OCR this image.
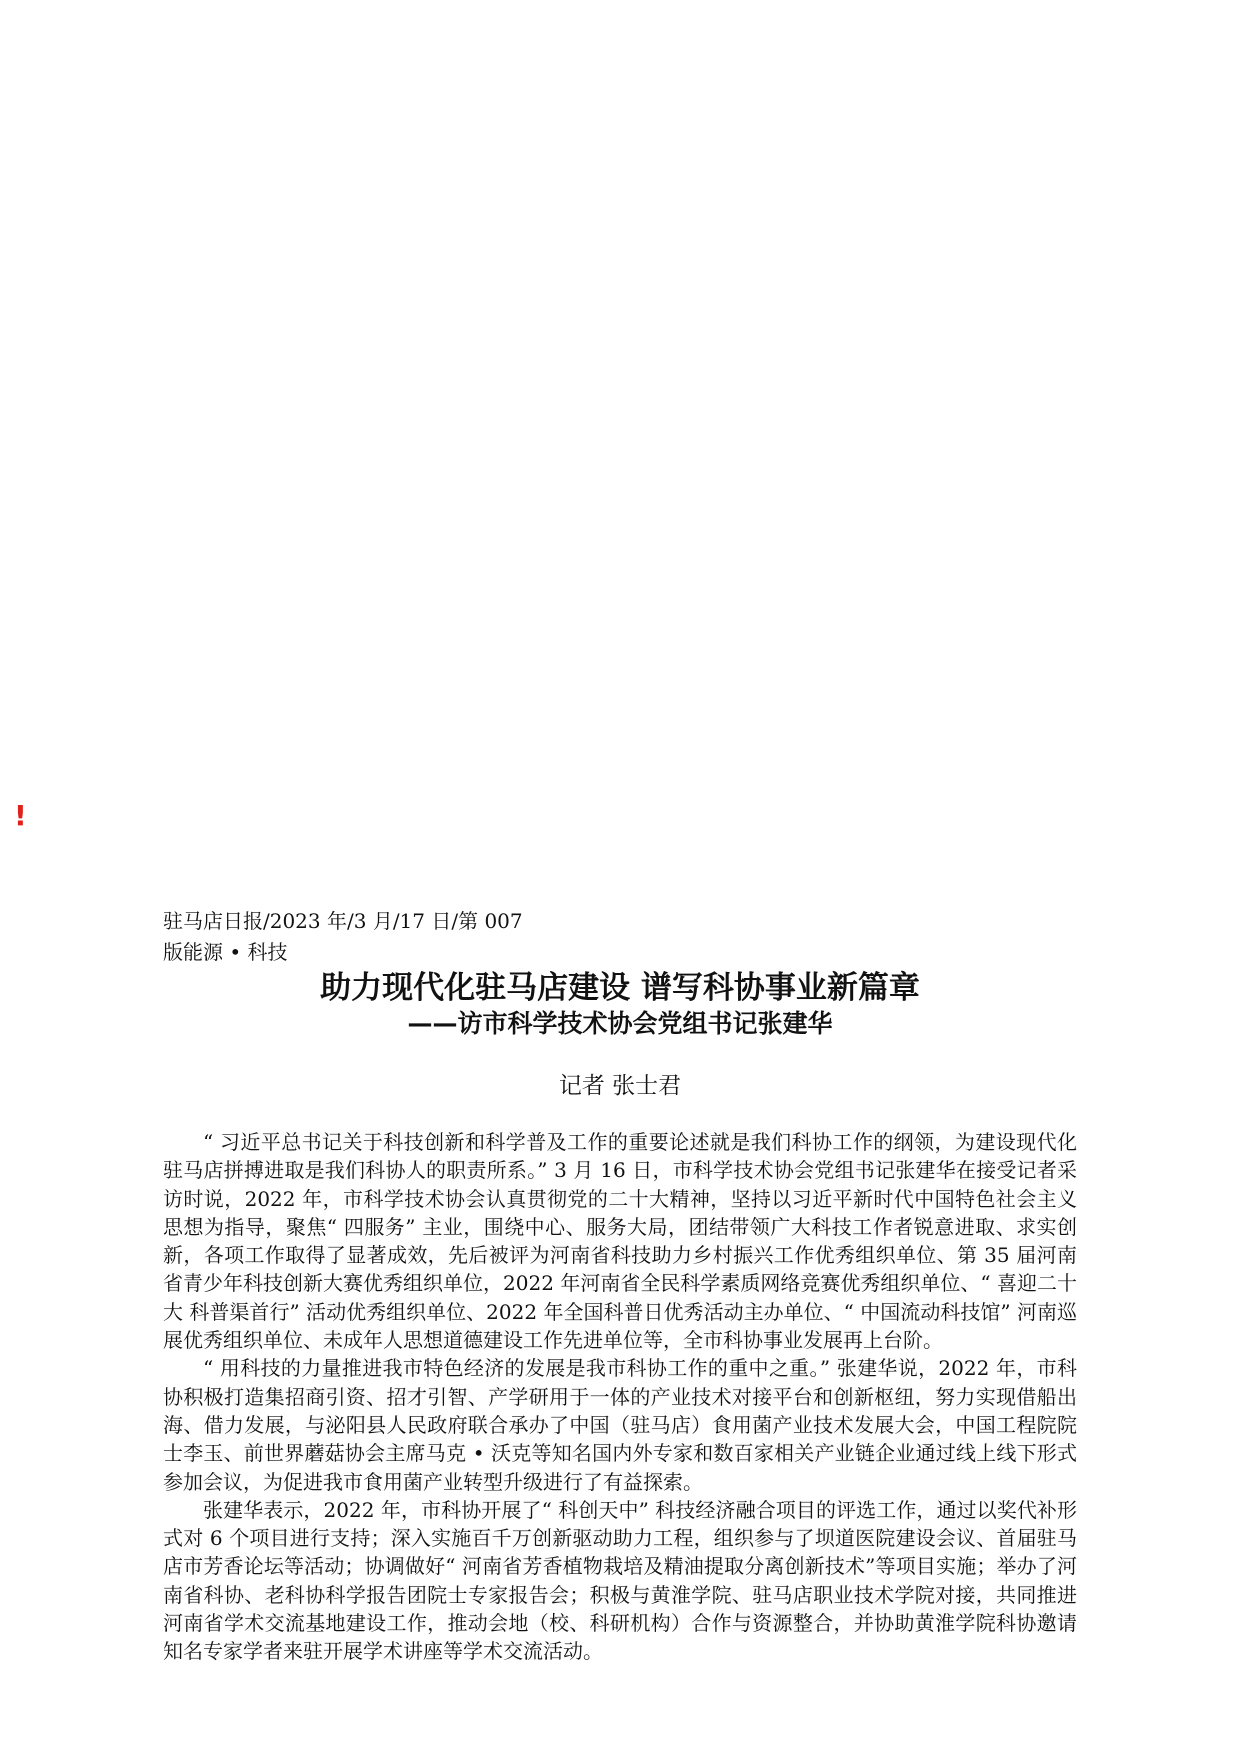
!
驻马店日报/2023 年/3 月/17 日/第 007
版能源 • 科技
助力现代化驻马店建设 谱写科协事业新篇章
——访市科学技术协会党组书记张建华
记者 张士君

“ 习近平总书记关于科技创新和科学普及工作的重要论述就是我们科协工作的纲领，为建设现代化驻马店拼搏进取是我们科协人的职责所系。” 3 月 16 日，市科学技术协会党组书记张建华在接受记者采访时说，2022 年，市科学技术协会认真贯彻党的二十大精神，坚持以习近平新时代中国特色社会主义思想为指导，聚焦“ 四服务” 主业，围绕中心、服务大局，团结带领广大科技工作者锐意进取、求实创新，各项工作取得了显著成效，先后被评为河南省科技助力乡村振兴工作优秀组织单位、第 35 届河南省青少年科技创新大赛优秀组织单位，2022 年河南省全民科学素质网络竞赛优秀组织单位、“ 喜迎二十大 科普渠首行” 活动优秀组织单位、2022 年全国科普日优秀活动主办单位、“ 中国流动科技馆” 河南巡展优秀组织单位、未成年人思想道德建设工作先进单位等，全市科协事业发展再上台阶。

“ 用科技的力量推进我市特色经济的发展是我市科协工作的重中之重。” 张建华说，2022 年，市科协积极打造集招商引资、招才引智、产学研用于一体的产业技术对接平台和创新枢纽，努力实现借船出海、借力发展，与泌阳县人民政府联合承办了中国（驻马店）食用菌产业技术发展大会，中国工程院院士李玉、前世界蘑菇协会主席马克 • 沃克等知名国内外专家和数百家相关产业链企业通过线上线下形式参加会议，为促进我市食用菌产业转型升级进行了有益探索。

张建华表示，2022 年，市科协开展了“ 科创天中” 科技经济融合项目的评选工作，通过以奖代补形式对 6 个项目进行支持；深入实施百千万创新驱动助力工程，组织参与了坝道医院建设会议、首届驻马店市芳香论坛等活动；协调做好“ 河南省芳香植物栽培及精油提取分离创新技术”等项目实施；举办了河南省科协、老科协科学报告团院士专家报告会；积极与黄淮学院、驻马店职业技术学院对接，共同推进河南省学术交流基地建设工作，推动会地（校、科研机构）合作与资源整合，并协助黄淮学院科协邀请知名专家学者来驻开展学术讲座等学术交流活动。
